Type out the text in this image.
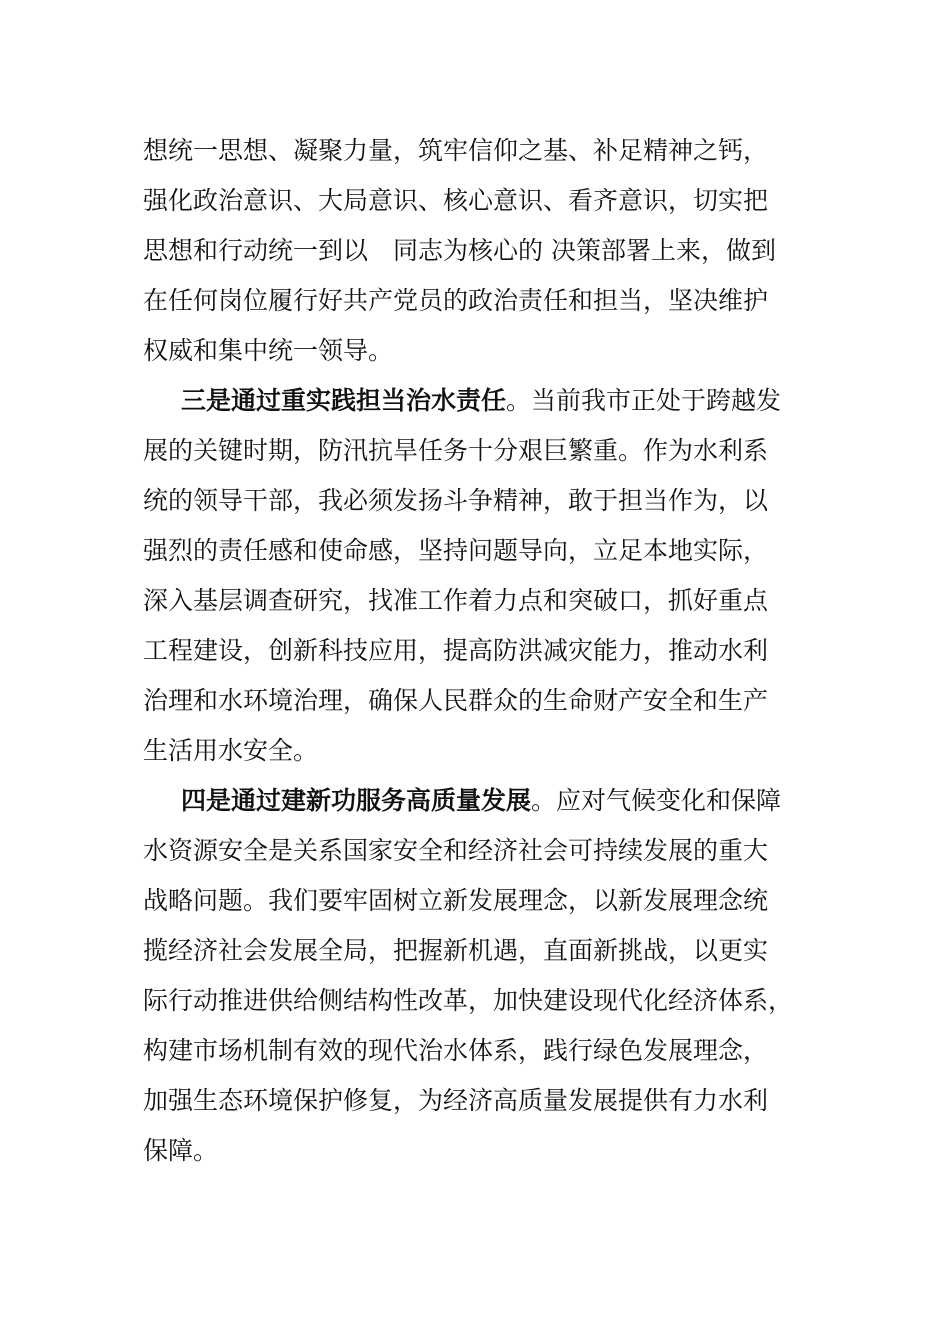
想统一思想、凝聚力量，筑牢信仰之基、补足精神之钙，
强化政治意识、大局意识、核心意识、看齐意识，切实把
思想和行动统一到以　同志为核心的 决策部署上来，做到
在任何岗位履行好共产党员的政治责任和担当，坚决维护
权威和集中统一领导。
三是通过重实践担当治水责任。当前我市正处于跨越发
展的关键时期，防汛抗旱任务十分艰巨繁重。作为水利系
统的领导干部，我必须发扬斗争精神，敢于担当作为，以
强烈的责任感和使命感，坚持问题导向，立足本地实际，
深入基层调查研究，找准工作着力点和突破口，抓好重点
工程建设，创新科技应用，提高防洪减灾能力，推动水利
治理和水环境治理，确保人民群众的生命财产安全和生产
生活用水安全。
四是通过建新功服务高质量发展。应对气候变化和保障
水资源安全是关系国家安全和经济社会可持续发展的重大
战略问题。我们要牢固树立新发展理念，以新发展理念统
揽经济社会发展全局，把握新机遇，直面新挑战，以更实
际行动推进供给侧结构性改革，加快建设现代化经济体系，
构建市场机制有效的现代治水体系，践行绿色发展理念，
加强生态环境保护修复，为经济高质量发展提供有力水利
保障。
